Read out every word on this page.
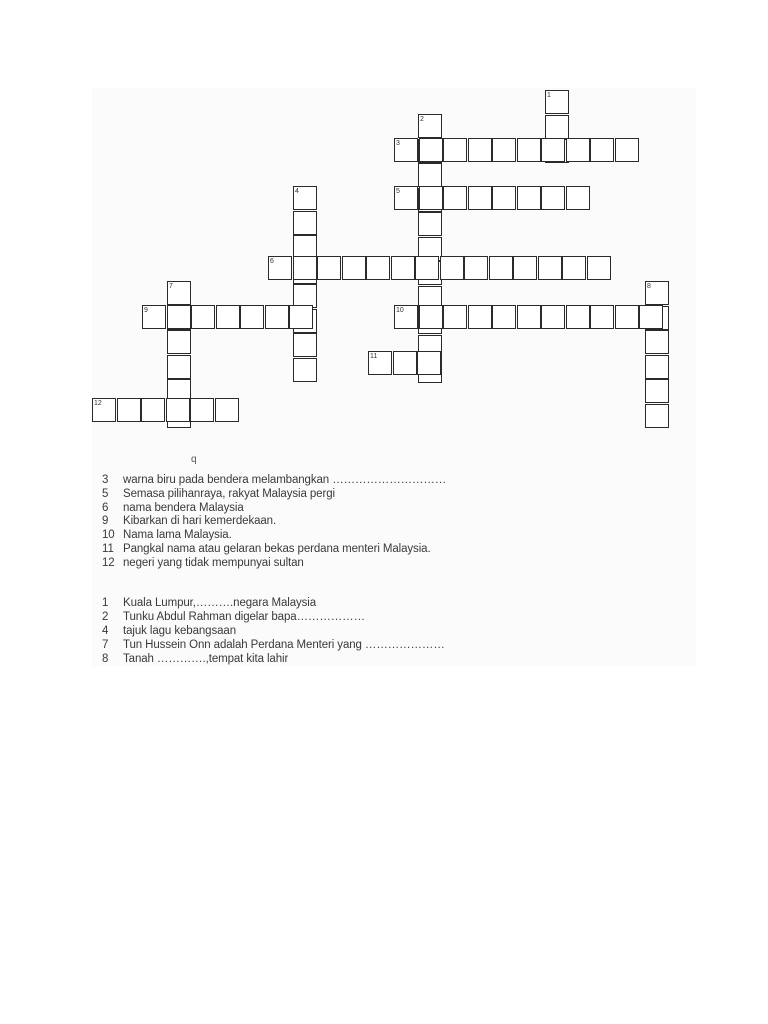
1
2
3
4	5
6
7	8
9	10
11
12
q
3 warna biru pada bendera melambangkan …………………………
5 Semasa pilihanraya, rakyat Malaysia pergi
6 nama bendera Malaysia
9 Kibarkan di hari kemerdekaan.
10 Nama lama Malaysia.
11 Pangkal nama atau gelaran bekas perdana menteri Malaysia.
12 negeri yang tidak mempunyai sultan
1 Kuala Lumpur,……….negara Malaysia
2 Tunku Abdul Rahman digelar bapa………………
4 tajuk lagu kebangsaan
7 Tun Hussein Onn adalah Perdana Menteri yang …………………
8 Tanah ………….,tempat kita lahir
